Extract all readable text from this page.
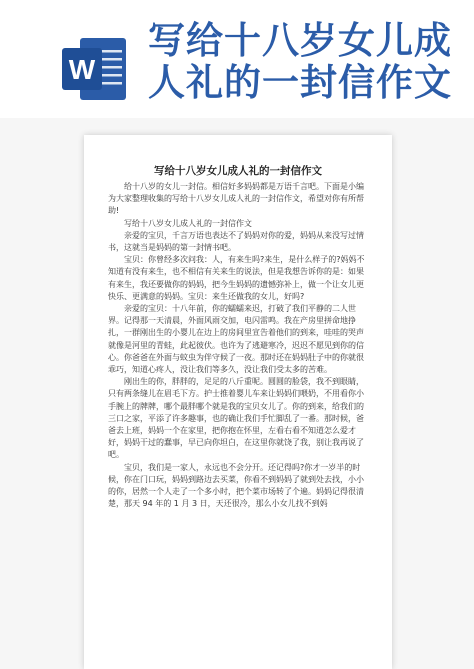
W
写给十八岁女儿成人礼的一封信作文
写给十八岁女儿成人礼的一封信作文

给十八岁的女儿一封信。相信好多妈妈都是万语千言吧。下面是小编为大家整理收集的写给十八岁女儿成人礼的一封信作文，希望对你有所帮助!

写给十八岁女儿成人礼的一封信作文

亲爱的宝贝，千言万语也表达不了妈妈对你的爱，妈妈从来没写过情书，这就当是妈妈的第一封情书吧。

宝贝：你曾经多次问我：人，有来生吗?来生，是什么样子的?妈妈不知道有没有来生，也不相信有关来生的说法，但是我想告诉你的是：如果有来生，我还要做你的妈妈，把今生妈妈的遗憾弥补上，做一个让女儿更快乐、更满意的妈妈。宝贝：来生还做我的女儿，好吗?

亲爱的宝贝：十八年前，你的蠕蠕来迟，打破了我们平静的二人世界。记得那一天清晨，外面风雨交加，电闪雷鸣。我在产房里拼命地挣扎，一群刚出生的小婴儿在边上的房间里宣告着他们的到来，哇哇的哭声就像是河里的青蛙，此起彼伏。也许为了逃避寒冷，迟迟不愿见到你的信心。你爸爸在外面与蚊虫为伴守候了一夜。那时还在妈妈肚子中的你就很乖巧，知道心疼人，没让我们等多久，没让我们受太多的苦难。

刚出生的你，胖胖的，足足的八斤重呢。圆圆的脸袋，我不到眼睛，只有两条缝儿在眉毛下方。护士推着婴儿车来让妈妈们喂奶，不用看你小手腕上的牌牌，哪个最胖哪个就是我的宝贝女儿了。你的到来，给我们的三口之家，平添了许多趣事，也的确让我们手忙脚乱了一番。那时候，爸爸去上班，妈妈一个在家里，把你抱在怀里，左看右看不知道怎么爱才好，妈妈干过的蠢事，早已向你坦白，在这里你就饶了我，别让我再说了吧。

宝贝，我们是一家人，永远也不会分开。还记得吗?你才一岁半的时候，你在门口玩，妈妈到路边去买菜，你看不到妈妈了就到处去找，小小的你，居然一个人走了一个多小时，把个菜市场转了个遍。妈妈记得很清楚，那天 94 年的 1 月 3 日，天还很冷，那么小女儿找不到妈
